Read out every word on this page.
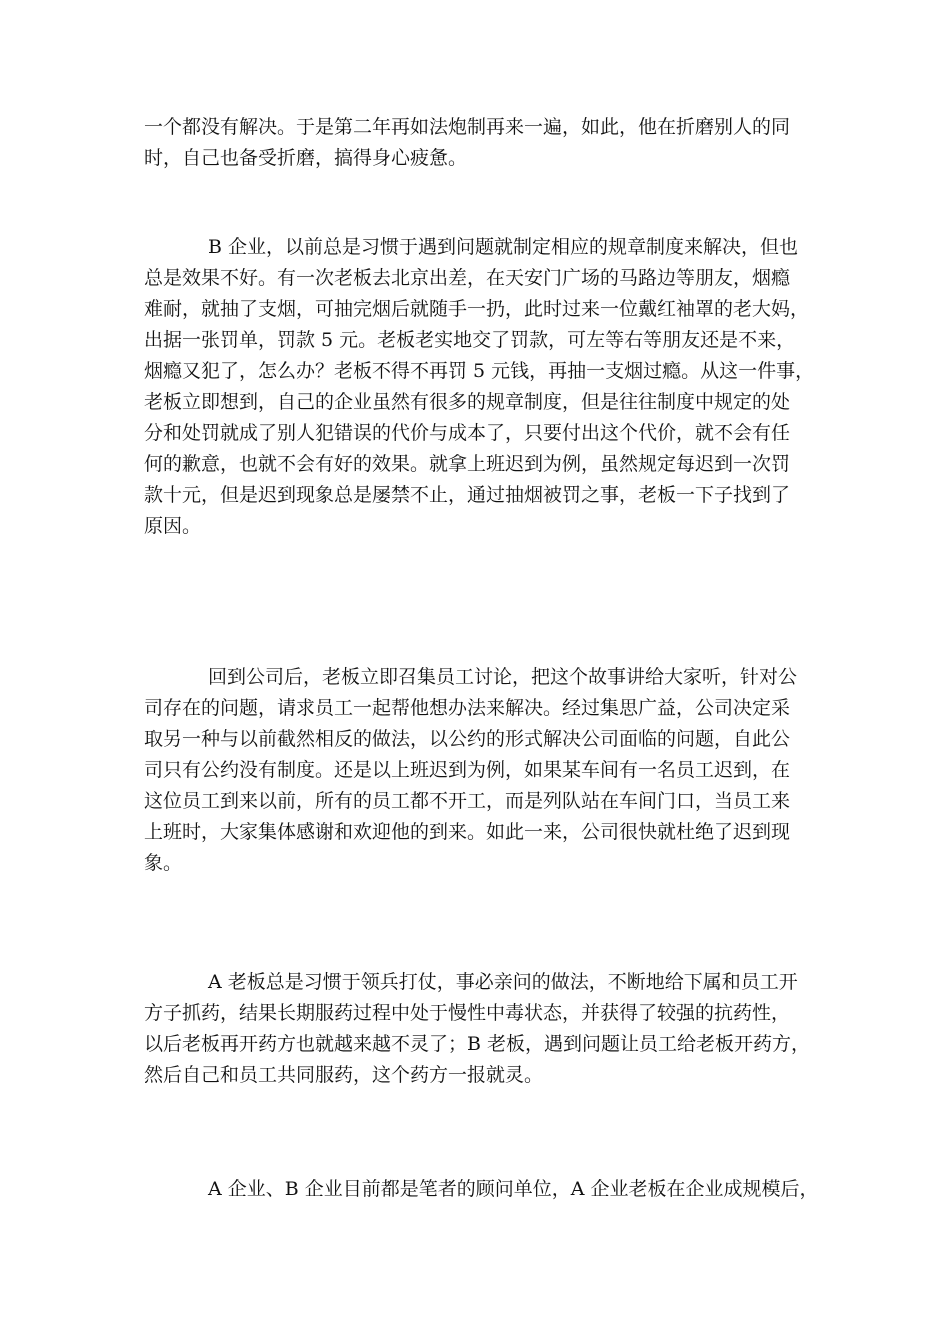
一个都没有解决。于是第二年再如法炮制再来一遍，如此，他在折磨别人的同
时，自己也备受折磨，搞得身心疲惫。

B 企业，以前总是习惯于遇到问题就制定相应的规章制度来解决，但也
总是效果不好。有一次老板去北京出差，在天安门广场的马路边等朋友，烟瘾
难耐，就抽了支烟，可抽完烟后就随手一扔，此时过来一位戴红袖罩的老大妈，
出据一张罚单，罚款 5 元。老板老实地交了罚款，可左等右等朋友还是不来，
烟瘾又犯了，怎么办？老板不得不再罚 5 元钱，再抽一支烟过瘾。从这一件事，
老板立即想到，自己的企业虽然有很多的规章制度，但是往往制度中规定的处
分和处罚就成了别人犯错误的代价与成本了，只要付出这个代价，就不会有任
何的歉意，也就不会有好的效果。就拿上班迟到为例，虽然规定每迟到一次罚
款十元，但是迟到现象总是屡禁不止，通过抽烟被罚之事，老板一下子找到了
原因。

回到公司后，老板立即召集员工讨论，把这个故事讲给大家听，针对公
司存在的问题，请求员工一起帮他想办法来解决。经过集思广益，公司决定采
取另一种与以前截然相反的做法，以公约的形式解决公司面临的问题，自此公
司只有公约没有制度。还是以上班迟到为例，如果某车间有一名员工迟到，在
这位员工到来以前，所有的员工都不开工，而是列队站在车间门口，当员工来
上班时，大家集体感谢和欢迎他的到来。如此一来，公司很快就杜绝了迟到现
象。

A 老板总是习惯于领兵打仗，事必亲问的做法，不断地给下属和员工开
方子抓药，结果长期服药过程中处于慢性中毒状态，并获得了较强的抗药性，
以后老板再开药方也就越来越不灵了；B 老板，遇到问题让员工给老板开药方，
然后自己和员工共同服药，这个药方一报就灵。

A 企业、B 企业目前都是笔者的顾问单位，A 企业老板在企业成规模后，
